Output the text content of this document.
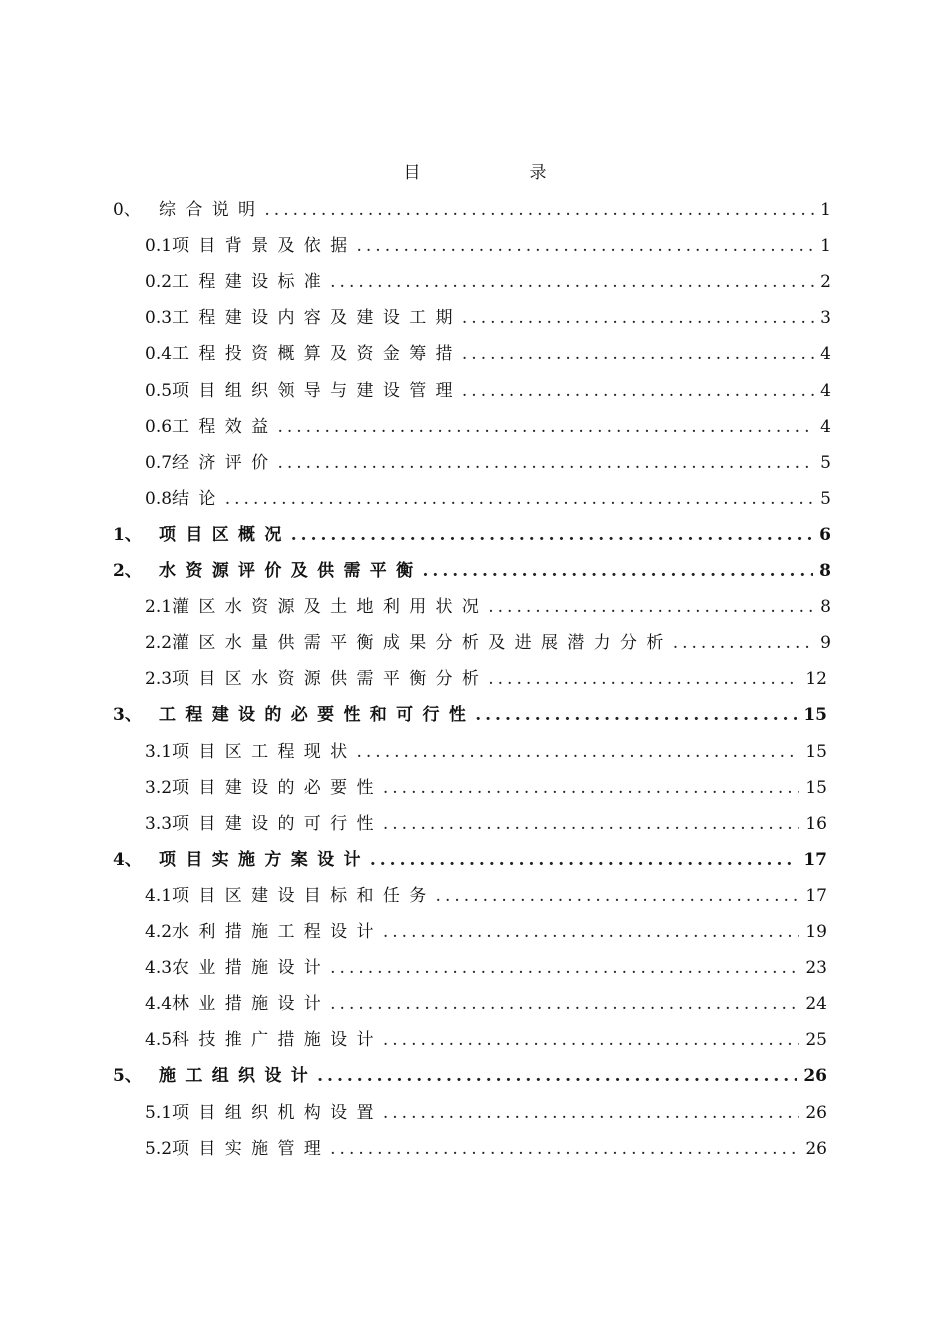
目　录
0、	综合说明 .....	1
0.1 项目背景及依据 .....	1
0.2 工程建设标准 .....	2
0.3 工程建设内容及建设工期 .....	3
0.4 工程投资概算及资金筹措 .....	4
0.5 项目组织领导与建设管理 .....	4
0.6 工程效益 .....	4
0.7 经济评价 .....	5
0.8 结论 .....	5
1、	项目区概况 .....	6
2、	水资源评价及供需平衡 .....	8
2.1 灌区水资源及土地利用状况 .....	8
2.2 灌区水量供需平衡成果分析及进展潜力分析 .....	9
2.3 项目区水资源供需平衡分析 .....	12
3、	工程建设的必要性和可行性 .....	15
3.1 项目区工程现状 .....	15
3.2 项目建设的必要性 .....	15
3.3 项目建设的可行性 .....	16
4、	项目实施方案设计 .....	17
4.1 项目区建设目标和任务 .....	17
4.2 水利措施工程设计 .....	19
4.3 农业措施设计 .....	23
4.4 林业措施设计 .....	24
4.5 科技推广措施设计 .....	25
5、	施工组织设计 .....	26
5.1 项目组织机构设置 .....	26
5.2 项目实施管理 .....	26
